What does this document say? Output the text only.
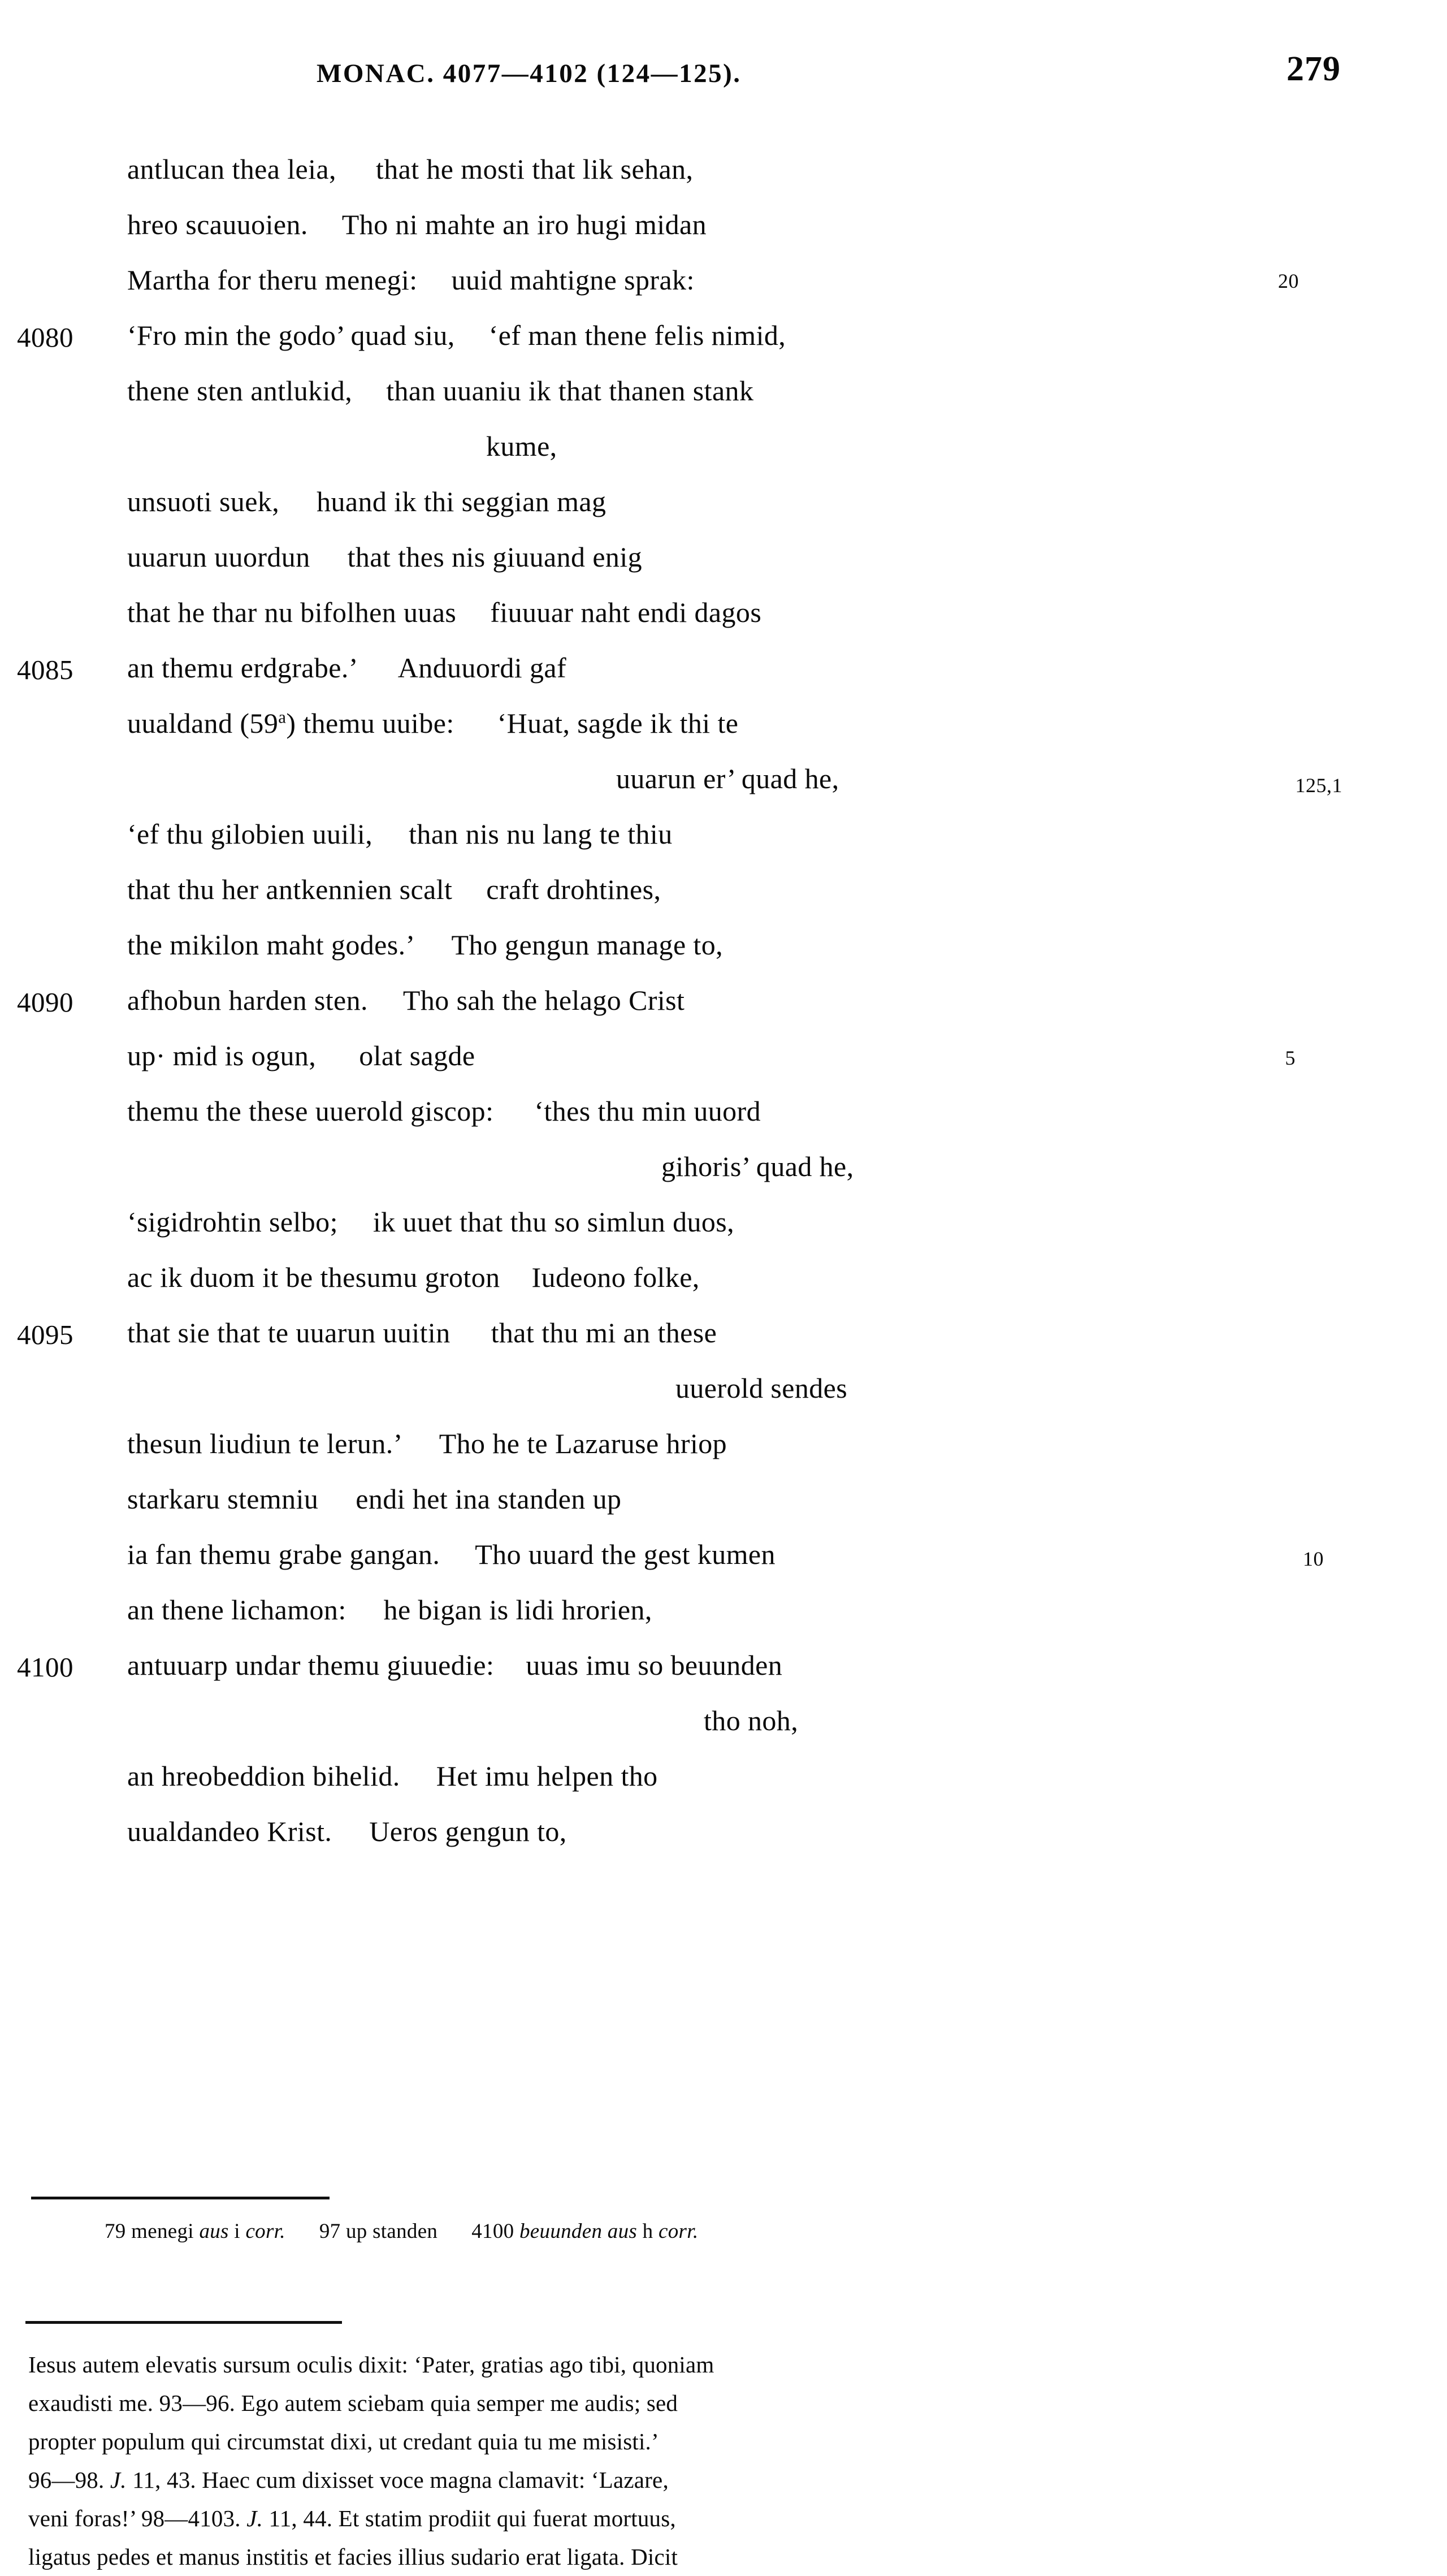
MONAC. 4077—4102 (124—125).	279
antlucan thea leia, that he mosti that lik sehan,
hreo scauuoien. Tho ni mahte an iro hugi midan
Martha for theru menegi: uuid mahtigne sprak:	20
4080 ‘Fro min the godo’ quad siu, ‘ef man thene felis nimid,
thene sten antlukid, than uuaniu ik that thanen stank
kume,
unsuoti suek, huand ik thi seggian mag
uuarun uuordun that thes nis giuuand enig
that he thar nu bifolhen uuas fiuuuar naht endi dagos
4085 an themu erdgrabe.’ Anduuordi gaf
uualdand (59$^a$) themu uuibe: ‘Huat, sagde ik thi te
uuarun er’ quad he,	125,1
‘ef thu gilobien uuili, than nis nu lang te thiu
that thu her antkennien scalt craft drohtines,
the mikilon maht godes.’ Tho gengun manage to,
4090 afhobun harden sten. Tho sah the helago Crist
up· mid is ogun, olat sagde	5
themu the these uuerold giscop: ‘thes thu min uuord
gihoris’ quad he,
‘sigidrohtin selbo; ik uuet that thu so simlun duos,
ac ik duom it be thesumu groton Iudeono folke,
4095 that sie that te uuarun uuitin that thu mi an these
uuerold sendes
thesun liudiun te lerun.’ Tho he te Lazaruse hriop
starkaru stemniu endi het ina standen up
ia fan themu grabe gangan. Tho uuard the gest kumen	10
an thene lichamon: he bigan is lidi hrorien,
4100 antuuarp undar themu giuuedie: uuas imu so beuunden
tho noh,
an hreobeddion bihelid. Het imu helpen tho
uualdandeo Krist. Ueros gengun to,
79 menegi aus i corr. 97 up standen 4100 beuunden aus h corr.

Iesus autem elevatis sursum oculis dixit: ‘Pater, gratias ago tibi, quoniam

exaudisti me. 93—96. Ego autem sciebam quia semper me audis; sed

propter populum qui circumstat dixi, ut credant quia tu me misisti.’

96—98. J. 11, 43. Haec cum dixisset voce magna clamavit: ‘Lazare,

veni foras!’ 98—4103. J. 11, 44. Et statim prodiit qui fuerat mortuus,

ligatus pedes et manus institis et facies illius sudario erat ligata. Dicit
